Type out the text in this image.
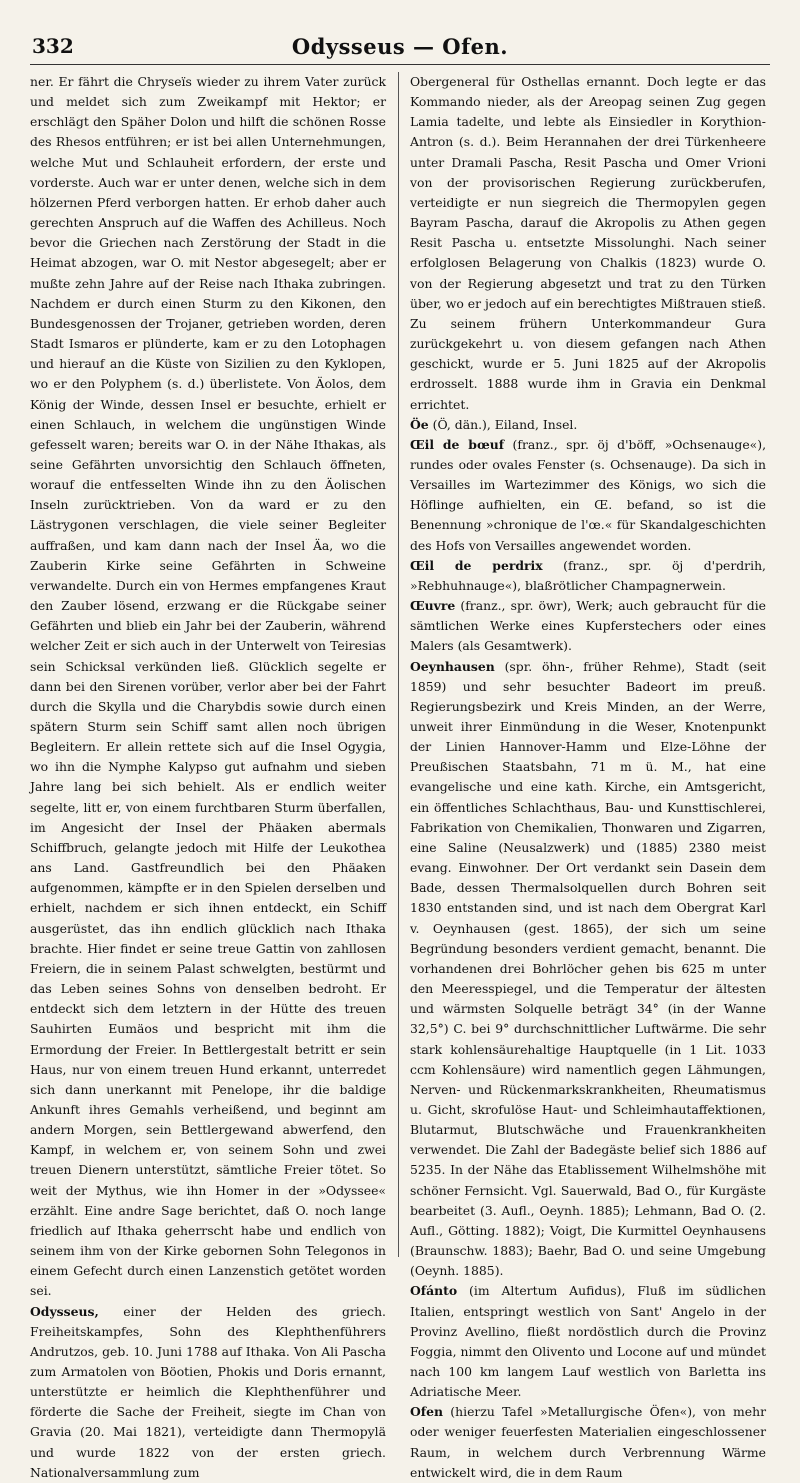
332	Odysseus — Ofen.

ner. Er fährt die Chryseïs wieder zu ihrem Vater zurück und meldet sich zum Zweikampf mit Hektor; er erschlägt den Späher Dolon und hilft die schönen Rosse des Rhesos entführen; er ist bei allen Unternehmungen, welche Mut und Schlauheit erfordern, der erste und vorderste. Auch war er unter denen, welche sich in dem hölzernen Pferd verborgen hatten. Er erhob daher auch gerechten Anspruch auf die Waffen des Achilleus. Noch bevor die Griechen nach Zerstörung der Stadt in die Heimat abzogen, war O. mit Nestor abgesegelt; aber er mußte zehn Jahre auf der Reise nach Ithaka zubringen. Nachdem er durch einen Sturm zu den Kikonen, den Bundesgenossen der Trojaner, getrieben worden, deren Stadt Ismaros er plünderte, kam er zu den Lotophagen und hierauf an die Küste von Sizilien zu den Kyklopen, wo er den Polyphem (s. d.) überlistete. Von Äolos, dem König der Winde, dessen Insel er besuchte, erhielt er einen Schlauch, in welchem die ungünstigen Winde gefesselt waren; bereits war O. in der Nähe Ithakas, als seine Gefährten unvorsichtig den Schlauch öffneten, worauf die entfesselten Winde ihn zu den Äolischen Inseln zurücktrieben. Von da ward er zu den Lästrygonen verschlagen, die viele seiner Begleiter auffraßen, und kam dann nach der Insel Äa, wo die Zauberin Kirke seine Gefährten in Schweine verwandelte. Durch ein von Hermes empfangenes Kraut den Zauber lösend, erzwang er die Rückgabe seiner Gefährten und blieb ein Jahr bei der Zauberin, während welcher Zeit er sich auch in der Unterwelt von Teiresias sein Schicksal verkünden ließ. Glücklich segelte er dann bei den Sirenen vorüber, verlor aber bei der Fahrt durch die Skylla und die Charybdis sowie durch einen spätern Sturm sein Schiff samt allen noch übrigen Begleitern. Er allein rettete sich auf die Insel Ogygia, wo ihn die Nymphe Kalypso gut aufnahm und sieben Jahre lang bei sich behielt. Als er endlich weiter segelte, litt er, von einem furchtbaren Sturm überfallen, im Angesicht der Insel der Phäaken abermals Schiffbruch, gelangte jedoch mit Hilfe der Leukothea ans Land. Gastfreundlich bei den Phäaken aufgenommen, kämpfte er in den Spielen derselben und erhielt, nachdem er sich ihnen entdeckt, ein Schiff ausgerüstet, das ihn endlich glücklich nach Ithaka brachte. Hier findet er seine treue Gattin von zahllosen Freiern, die in seinem Palast schwelgten, bestürmt und das Leben seines Sohns von denselben bedroht. Er entdeckt sich dem letztern in der Hütte des treuen Sauhirten Eumäos und bespricht mit ihm die Ermordung der Freier. In Bettlergestalt betritt er sein Haus, nur von einem treuen Hund erkannt, unterredet sich dann unerkannt mit Penelope, ihr die baldige Ankunft ihres Gemahls verheißend, und beginnt am andern Morgen, sein Bettlergewand abwerfend, den Kampf, in welchem er, von seinem Sohn und zwei treuen Dienern unterstützt, sämtliche Freier tötet. So weit der Mythus, wie ihn Homer in der »Odyssee« erzählt. Eine andre Sage berichtet, daß O. noch lange friedlich auf Ithaka geherrscht habe und endlich von seinem ihm von der Kirke gebornen Sohn Telegonos in einem Gefecht durch einen Lanzenstich getötet worden sei.

Odysseus, einer der Helden des griech. Freiheitskampfes, Sohn des Klephthenführers Andrutzos, geb. 10. Juni 1788 auf Ithaka. Von Ali Pascha zum Armatolen von Böotien, Phokis und Doris ernannt, unterstützte er heimlich die Klephthenführer und förderte die Sache der Freiheit, siegte im Chan von Gravia (20. Mai 1821), verteidigte dann Thermopylä und wurde 1822 von der ersten griech. Nationalversammlung zum

Obergeneral für Osthellas ernannt. Doch legte er das Kommando nieder, als der Areopag seinen Zug gegen Lamia tadelte, und lebte als Einsiedler in Korythion-Antron (s. d.). Beim Herannahen der drei Türkenheere unter Dramali Pascha, Resit Pascha und Omer Vrioni von der provisorischen Regierung zurückberufen, verteidigte er nun siegreich die Thermopylen gegen Bayram Pascha, darauf die Akropolis zu Athen gegen Resit Pascha u. entsetzte Missolunghi. Nach seiner erfolglosen Belagerung von Chalkis (1823) wurde O. von der Regierung abgesetzt und trat zu den Türken über, wo er jedoch auf ein berechtigtes Mißtrauen stieß. Zu seinem frühern Unterkommandeur Gura zurückgekehrt u. von diesem gefangen nach Athen geschickt, wurde er 5. Juni 1825 auf der Akropolis erdrosselt. 1888 wurde ihm in Gravia ein Denkmal errichtet.

Öe (Ö, dän.), Eiland, Insel.

Œil de bœuf (franz., spr. öj d'böff, »Ochsenauge«), rundes oder ovales Fenster (s. Ochsenauge). Da sich in Versailles im Wartezimmer des Königs, wo sich die Höflinge aufhielten, ein Œ. befand, so ist die Benennung »chronique de l'œ.« für Skandalgeschichten des Hofs von Versailles angewendet worden.

Œil de perdrix (franz., spr. öj d'perdrih, »Rebhuhnauge«), blaßrötlicher Champagnerwein.

Œuvre (franz., spr. öwr), Werk; auch gebraucht für die sämtlichen Werke eines Kupferstechers oder eines Malers (als Gesamtwerk).

Oeynhausen (spr. öhn-, früher Rehme), Stadt (seit 1859) und sehr besuchter Badeort im preuß. Regierungsbezirk und Kreis Minden, an der Werre, unweit ihrer Einmündung in die Weser, Knotenpunkt der Linien Hannover-Hamm und Elze-Löhne der Preußischen Staatsbahn, 71 m ü. M., hat eine evangelische und eine kath. Kirche, ein Amtsgericht, ein öffentliches Schlachthaus, Bau- und Kunsttischlerei, Fabrikation von Chemikalien, Thonwaren und Zigarren, eine Saline (Neusalzwerk) und (1885) 2380 meist evang. Einwohner. Der Ort verdankt sein Dasein dem Bade, dessen Thermalsolquellen durch Bohren seit 1830 entstanden sind, und ist nach dem Obergrat Karl v. Oeynhausen (gest. 1865), der sich um seine Begründung besonders verdient gemacht, benannt. Die vorhandenen drei Bohrlöcher gehen bis 625 m unter den Meeresspiegel, und die Temperatur der ältesten und wärmsten Solquelle beträgt 34° (in der Wanne 32,5°) C. bei 9° durchschnittlicher Luftwärme. Die sehr stark kohlensäurehaltige Hauptquelle (in 1 Lit. 1033 ccm Kohlensäure) wird namentlich gegen Lähmungen, Nerven- und Rückenmarkskrankheiten, Rheumatismus u. Gicht, skrofulöse Haut- und Schleimhautaffektionen, Blutarmut, Blutschwäche und Frauenkrankheiten verwendet. Die Zahl der Badegäste belief sich 1886 auf 5235. In der Nähe das Etablissement Wilhelmshöhe mit schöner Fernsicht. Vgl. Sauerwald, Bad O., für Kurgäste bearbeitet (3. Aufl., Oeynh. 1885); Lehmann, Bad O. (2. Aufl., Götting. 1882); Voigt, Die Kurmittel Oeynhausens (Braunschw. 1883); Baehr, Bad O. und seine Umgebung (Oeynh. 1885).

Ofánto (im Altertum Aufidus), Fluß im südlichen Italien, entspringt westlich von Sant' Angelo in der Provinz Avellino, fließt nordöstlich durch die Provinz Foggia, nimmt den Olivento und Locone auf und mündet nach 100 km langem Lauf westlich von Barletta ins Adriatische Meer.

Ofen (hierzu Tafel »Metallurgische Öfen«), von mehr oder weniger feuerfesten Materialien eingeschlossener Raum, in welchem durch Verbrennung Wärme entwickelt wird, die in dem Raum
